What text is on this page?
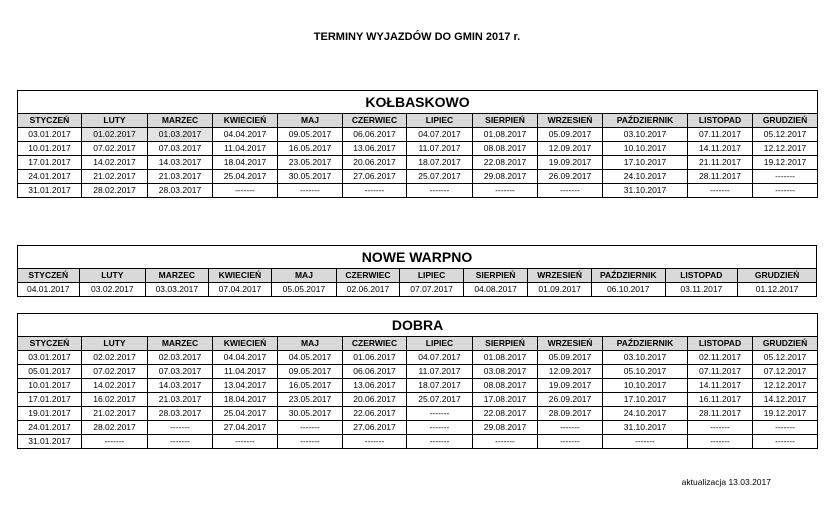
TERMINY WYJAZDÓW DO GMIN 2017 r.
KOŁBASKOWO											
STYCZEŃ	LUTY	MARZEC	KWIECIEŃ	MAJ	CZERWIEC	LIPIEC	SIERPIEŃ	WRZESIEŃ	PAŹDZIERNIK	LISTOPAD	GRUDZIEŃ
03.01.2017	01.02.2017	01.03.2017	04.04.2017	09.05.2017	06.06.2017	04.07.2017	01.08.2017	05.09.2017	03.10.2017	07.11.2017	05.12.2017
10.01.2017	07.02.2017	07.03.2017	11.04.2017	16.05.2017	13.06.2017	11.07.2017	08.08.2017	12.09.2017	10.10.2017	14.11.2017	12.12.2017
17.01.2017	14.02.2017	14.03.2017	18.04.2017	23.05.2017	20.06.2017	18.07.2017	22.08.2017	19.09.2017	17.10.2017	21.11.2017	19.12.2017
24.01.2017	21.02.2017	21.03.2017	25.04.2017	30.05.2017	27.06.2017	25.07.2017	29.08.2017	26.09.2017	24.10.2017	28.11.2017	-------
31.01.2017	28.02.2017	28.03.2017	-------	-------	-------	-------	-------	-------	31.10.2017	-------	-------
NOWE WARPNO											
STYCZEŃ	LUTY	MARZEC	KWIECIEŃ	MAJ	CZERWIEC	LIPIEC	SIERPIEŃ	WRZESIEŃ	PAŹDZIERNIK	LISTOPAD	GRUDZIEŃ
04.01.2017	03.02.2017	03.03.2017	07.04.2017	05.05.2017	02.06.2017	07.07.2017	04.08.2017	01.09.2017	06.10.2017	03.11.2017	01.12.2017
DOBRA											
STYCZEŃ	LUTY	MARZEC	KWIECIEŃ	MAJ	CZERWIEC	LIPIEC	SIERPIEŃ	WRZESIEŃ	PAŹDZIERNIK	LISTOPAD	GRUDZIEŃ
03.01.2017	02.02.2017	02.03.2017	04.04.2017	04.05.2017	01.06.2017	04.07.2017	01.08.2017	05.09.2017	03.10.2017	02.11.2017	05.12.2017
05.01.2017	07.02.2017	07.03.2017	11.04.2017	09.05.2017	06.06.2017	11.07.2017	03.08.2017	12.09.2017	05.10.2017	07.11.2017	07.12.2017
10.01.2017	14.02.2017	14.03.2017	13.04.2017	16.05.2017	13.06.2017	18.07.2017	08.08.2017	19.09.2017	10.10.2017	14.11.2017	12.12.2017
17.01.2017	16.02.2017	21.03.2017	18.04.2017	23.05.2017	20.06.2017	25.07.2017	17.08.2017	26.09.2017	17.10.2017	16.11.2017	14.12.2017
19.01.2017	21.02.2017	28.03.2017	25.04.2017	30.05.2017	22.06.2017	-------	22.08.2017	28.09.2017	24.10.2017	28.11.2017	19.12.2017
24.01.2017	28.02.2017	-------	27.04.2017	-------	27.06.2017	-------	29.08.2017	-------	31.10.2017	-------	-------
31.01.2017	-------	-------	-------	-------	-------	-------	-------	-------	-------	-------	-------
aktualizacja 13.03.2017
